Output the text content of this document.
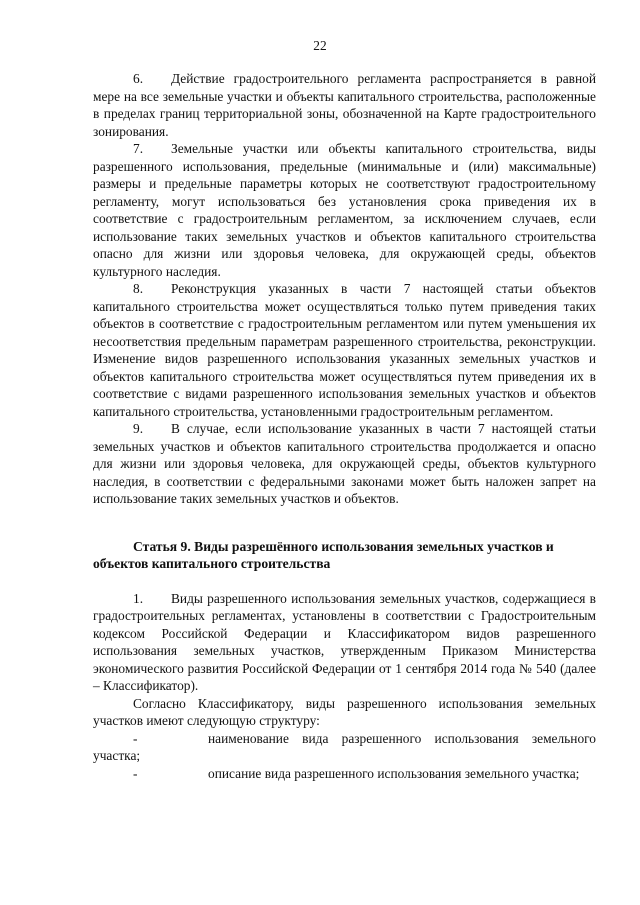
22

6. Действие градостроительного регламента распространяется в равной мере на все земельные участки и объекты капитального строительства, расположенные в пределах границ территориальной зоны, обозначенной на Карте градостроительного зонирования.

7. Земельные участки или объекты капитального строительства, виды разрешенного использования, предельные (минимальные и (или) максимальные) размеры и предельные параметры которых не соответствуют градостроительному регламенту, могут использоваться без установления срока приведения их в соответствие с градостроительным регламентом, за исключением случаев, если использование таких земельных участков и объектов капитального строительства опасно для жизни или здоровья человека, для окружающей среды, объектов культурного наследия.

8. Реконструкция указанных в части 7 настоящей статьи объектов капитального строительства может осуществляться только путем приведения таких объектов в соответствие с градостроительным регламентом или путем уменьшения их несоответствия предельным параметрам разрешенного строительства, реконструкции. Изменение видов разрешенного использования указанных земельных участков и объектов капитального строительства может осуществляться путем приведения их в соответствие с видами разрешенного использования земельных участков и объектов капитального строительства, установленными градостроительным регламентом.

9. В случае, если использование указанных в части 7 настоящей статьи земельных участков и объектов капитального строительства продолжается и опасно для жизни или здоровья человека, для окружающей среды, объектов культурного наследия, в соответствии с федеральными законами может быть наложен запрет на использование таких земельных участков и объектов.

Статья 9. Виды разрешённого использования земельных участков и объектов капитального строительства

1. Виды разрешенного использования земельных участков, содержащиеся в градостроительных регламентах, установлены в соответствии с Градостроительным кодексом Российской Федерации и Классификатором видов разрешенного использования земельных участков, утвержденным Приказом Министерства экономического развития Российской Федерации от 1 сентября 2014 года № 540 (далее – Классификатор).

Согласно Классификатору, виды разрешенного использования земельных участков имеют следующую структуру:

-	наименование вида разрешенного использования земельного участка;

-	описание вида разрешенного использования земельного участка;
